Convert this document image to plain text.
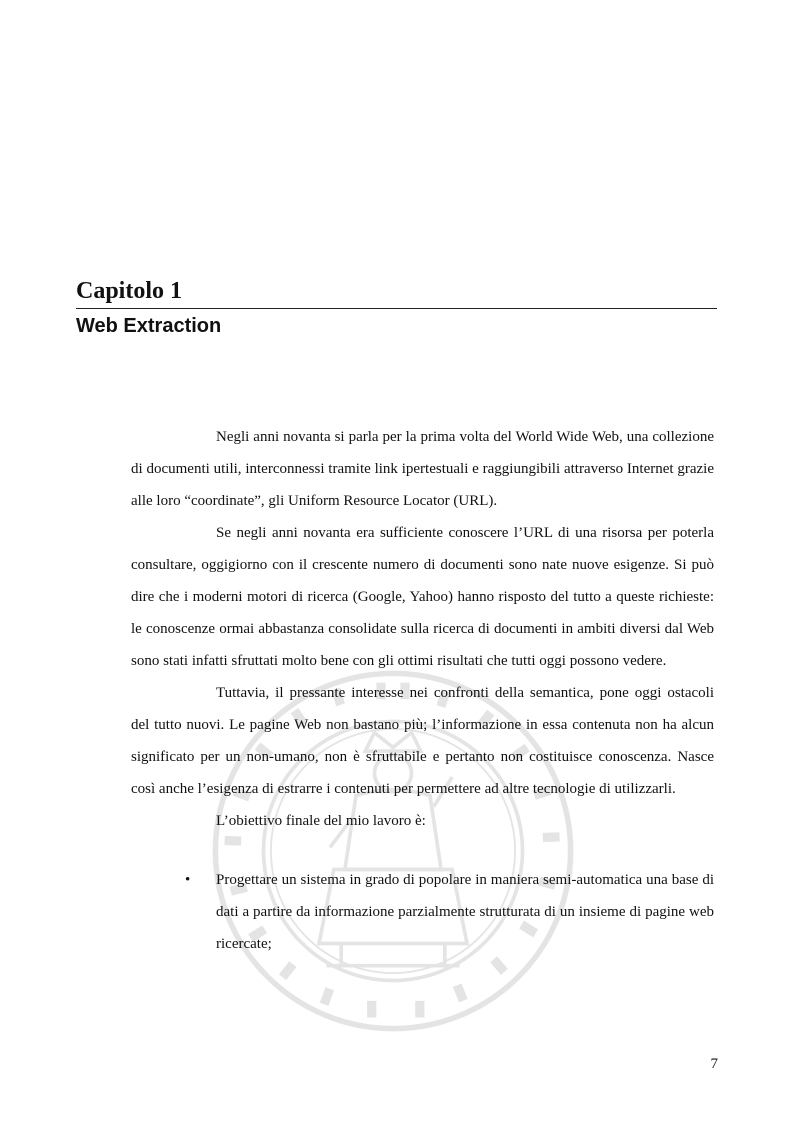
Capitolo 1
Web Extraction

Negli anni novanta si parla per la prima volta del World Wide Web, una collezione di documenti utili, interconnessi tramite link ipertestuali e raggiungibili attraverso Internet grazie alle loro “coordinate”, gli Uniform Resource Locator (URL).

Se negli anni novanta era sufficiente conoscere l’URL di una risorsa per poterla consultare, oggigiorno con il crescente numero di documenti sono nate nuove esigenze. Si può dire che i moderni motori di ricerca (Google, Yahoo) hanno risposto del tutto a queste richieste: le conoscenze ormai abbastanza consolidate sulla ricerca di documenti in ambiti diversi dal Web sono stati infatti sfruttati molto bene con gli ottimi risultati che tutti oggi possono vedere.

Tuttavia, il pressante interesse nei confronti della semantica, pone oggi ostacoli del tutto nuovi. Le pagine Web non bastano più; l’informazione in essa contenuta non ha alcun significato per un non-umano, non è sfruttabile e pertanto non costituisce conoscenza. Nasce così anche l’esigenza di estrarre i contenuti per permettere ad altre tecnologie di utilizzarli.

L’obiettivo finale del mio lavoro è:

• Progettare un sistema in grado di popolare in maniera semi-automatica una base di dati a partire da informazione parzialmente strutturata di un insieme di pagine web ricercate;
7
